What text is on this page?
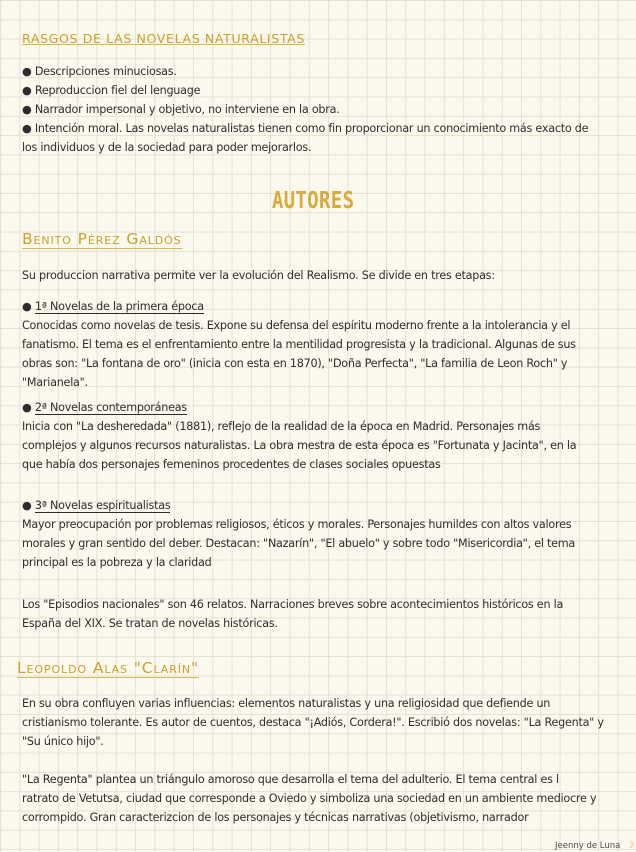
RASGOS DE LAS NOVELAS NATURALISTAS
● Descripciones minuciosas.
● Reproduccion fiel del lenguage
● Narrador impersonal y objetivo, no interviene en la obra.
● Intención moral. Las novelas naturalistas tienen como fin proporcionar un conocimiento más exacto de
los individuos y de la sociedad para poder mejorarlos.
AUTORES
Benito Pérez Galdós
Su produccion narrativa permite ver la evolución del Realismo. Se divide en tres etapas:
● 1ª Novelas de la primera época
Conocidas como novelas de tesis. Expone su defensa del espíritu moderno frente a la intolerancia y el
fanatismo. El tema es el enfrentamiento entre la mentilidad progresista y la tradicional. Algunas de sus
obras son: "La fontana de oro" (inicia con esta en 1870), "Doña Perfecta", "La familia de Leon Roch" y
"Marianela".
● 2ª Novelas contemporáneas
Inicia con "La desheredada" (1881), reflejo de la realidad de la época en Madrid. Personajes más
complejos y algunos recursos naturalistas. La obra mestra de esta época es "Fortunata y Jacinta", en la
que había dos personajes femeninos procedentes de clases sociales opuestas
● 3ª Novelas espiritualistas
Mayor preocupación por problemas religiosos, éticos y morales. Personajes humildes con altos valores
morales y gran sentido del deber. Destacan: "Nazarín", "El abuelo" y sobre todo "Misericordia", el tema
principal es la pobreza y la claridad
Los "Episodios nacionales" son 46 relatos. Narraciones breves sobre acontecimientos históricos en la
España del XIX. Se tratan de novelas históricas.
Leopoldo Alas "Clarín"
En su obra confluyen varias influencias: elementos naturalistas y una religiosidad que defiende un
cristianismo tolerante. Es autor de cuentos, destaca "¡Adiós, Cordera!". Escribió dos novelas: "La Regenta" y
"Su único hijo".
"La Regenta" plantea un triángulo amoroso que desarrolla el tema del adulterio. El tema central es l
ratrato de Vetutsa, ciudad que corresponde a Oviedo y simboliza una sociedad en un ambiente mediocre y
corrompido. Gran caracterizcion de los personajes y técnicas narrativas (objetivismo, narrador
Jeenny de Luna ☽
